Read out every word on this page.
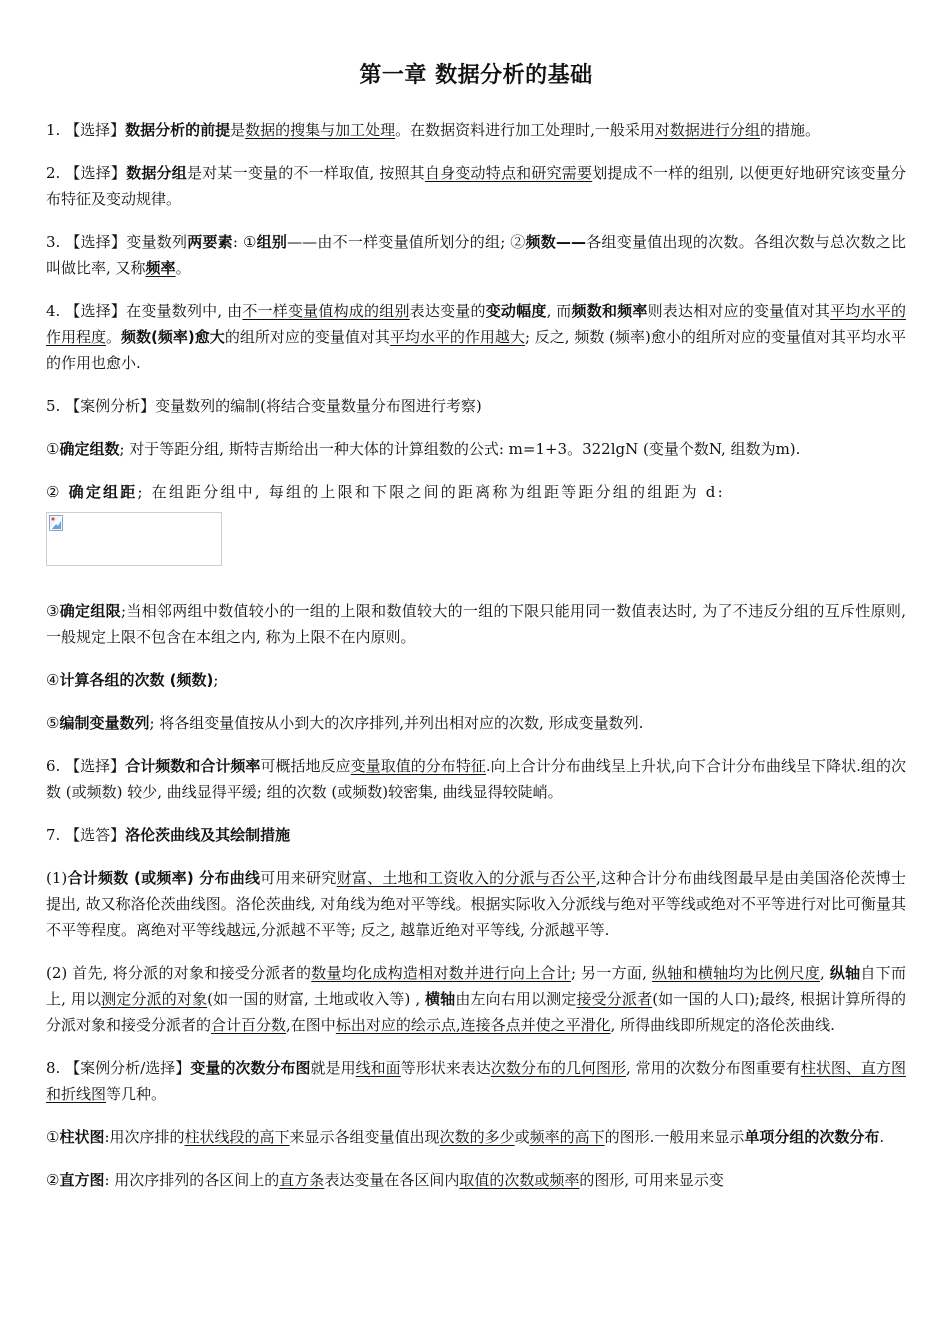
第一章 数据分析的基础

1. 【选择】数据分析的前提是数据的搜集与加工处理。在数据资料进行加工处理时,一般采用对数据进行分组的措施。

2. 【选择】数据分组是对某一变量的不一样取值, 按照其自身变动特点和研究需要划提成不一样的组别, 以便更好地研究该变量分布特征及变动规律。

3. 【选择】变量数列两要素: ①组别——由不一样变量值所划分的组; ②频数——各组变量值出现的次数。各组次数与总次数之比叫做比率, 又称频率。

4. 【选择】在变量数列中, 由不一样变量值构成的组别表达变量的变动幅度, 而频数和频率则表达相对应的变量值对其平均水平的作用程度。频数(频率)愈大的组所对应的变量值对其平均水平的作用越大; 反之, 频数 (频率)愈小的组所对应的变量值对其平均水平的作用也愈小.

5. 【案例分析】变量数列的编制(将结合变量数量分布图进行考察)

①确定组数; 对于等距分组, 斯特吉斯给出一种大体的计算组数的公式: m=1+3。322lgN (变量个数N, 组数为m).

② 确定组距; 在组距分组中, 每组的上限和下限之间的距离称为组距等距分组的组距为 d:

③确定组限;当相邻两组中数值较小的一组的上限和数值较大的一组的下限只能用同一数值表达时, 为了不违反分组的互斥性原则, 一般规定上限不包含在本组之内, 称为上限不在内原则。

④计算各组的次数 (频数);

⑤编制变量数列; 将各组变量值按从小到大的次序排列,并列出相对应的次数, 形成变量数列.

6. 【选择】合计频数和合计频率可概括地反应变量取值的分布特征.向上合计分布曲线呈上升状,向下合计分布曲线呈下降状.组的次数 (或频数) 较少, 曲线显得平缓; 组的次数 (或频数)较密集, 曲线显得较陡峭。

7. 【选答】洛伦茨曲线及其绘制措施

(1)合计频数 (或频率) 分布曲线可用来研究财富、土地和工资收入的分派与否公平,这种合计分布曲线图最早是由美国洛伦茨博士提出, 故又称洛伦茨曲线图。洛伦茨曲线, 对角线为绝对平等线。根据实际收入分派线与绝对平等线或绝对不平等进行对比可衡量其不平等程度。离绝对平等线越远,分派越不平等; 反之, 越靠近绝对平等线, 分派越平等.

(2) 首先, 将分派的对象和接受分派者的数量均化成构造相对数并进行向上合计; 另一方面, 纵轴和横轴均为比例尺度, 纵轴自下而上, 用以测定分派的对象(如一国的财富, 土地或收入等) , 横轴由左向右用以测定接受分派者(如一国的人口);最终, 根据计算所得的分派对象和接受分派者的合计百分数,在图中标出对应的绘示点,连接各点并使之平滑化, 所得曲线即所规定的洛伦茨曲线.

8. 【案例分析/选择】变量的次数分布图就是用线和面等形状来表达次数分布的几何图形, 常用的次数分布图重要有柱状图、直方图和折线图等几种。

①柱状图:用次序排的柱状线段的高下来显示各组变量值出现次数的多少或频率的高下的图形.一般用来显示单项分组的次数分布.

②直方图: 用次序排列的各区间上的直方条表达变量在各区间内取值的次数或频率的图形, 可用来显示变
